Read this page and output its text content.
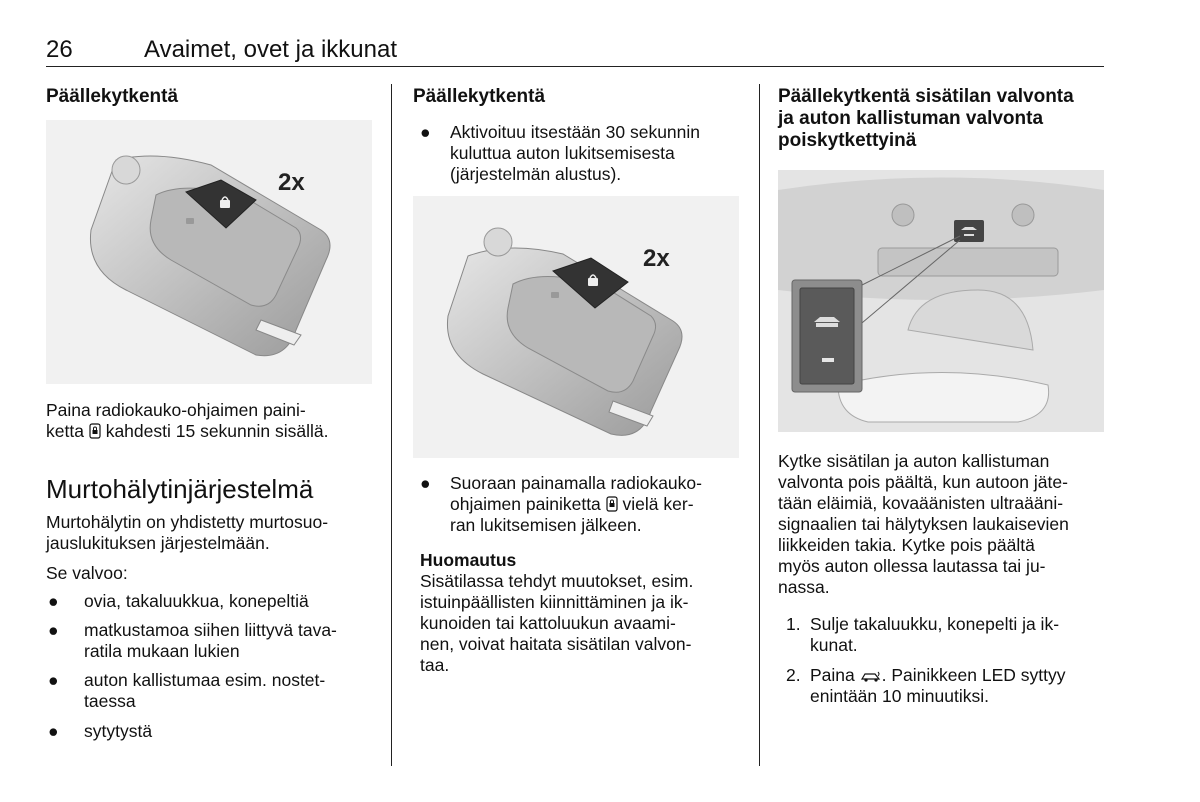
26	Avaimet, ovet ja ikkunat
Päällekytkentä
2x
Paina radiokauko-ohjaimen paini-
ketta kahdesti 15 sekunnin sisällä.
Murtohälytinjärjestelmä
Murtohälytin on yhdistetty murtosuo-
jauslukituksen järjestelmään.
Se valvoo:
● ovia, takaluukkua, konepeltiä
● matkustamoa siihen liittyvä tava-
ratila mukaan lukien
● auton kallistumaa esim. nostet-
taessa
● sytytystä
Päällekytkentä
● Aktivoituu itsestään 30 sekunnin
kuluttua auton lukitsemisesta
(järjestelmän alustus).
2x
● Suoraan painamalla radiokauko-
ohjaimen painiketta vielä ker-
ran lukitsemisen jälkeen.
Huomautus
Sisätilassa tehdyt muutokset, esim.
istuinpäällisten kiinnittäminen ja ik-
kunoiden tai kattoluukun avaami-
nen, voivat haitata sisätilan valvon-
taa.
Päällekytkentä sisätilan valvonta
ja auton kallistuman valvonta
poiskytkettyinä
Kytke sisätilan ja auton kallistuman
valvonta pois päältä, kun autoon jäte-
tään eläimiä, kovaäänisten ultraääni-
signaalien tai hälytyksen laukaisevien
liikkeiden takia. Kytke pois päältä
myös auton ollessa lautassa tai ju-
nassa.
1. Sulje takaluukku, konepelti ja ik-
kunat.
2. Paina . Painikkeen LED syttyy
enintään 10 minuutiksi.
